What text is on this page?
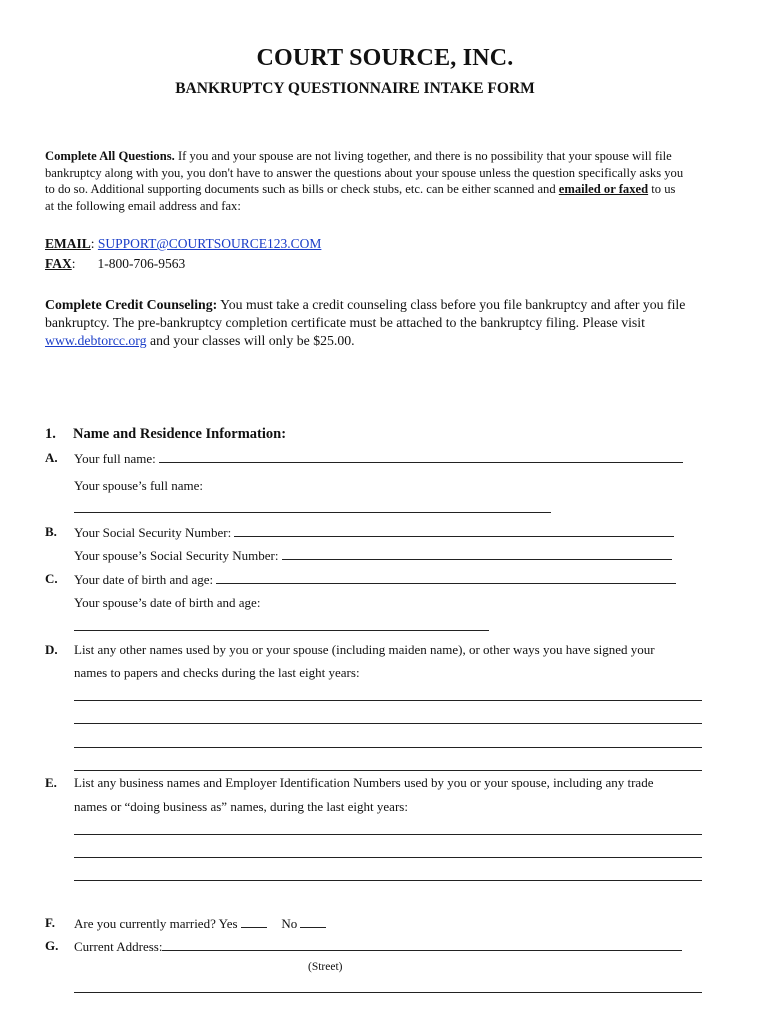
COURT SOURCE, INC.
BANKRUPTCY QUESTIONNAIRE INTAKE FORM
Complete All Questions. If you and your spouse are not living together, and there is no possibility that your spouse will file bankruptcy along with you, you don't have to answer the questions about your spouse unless the question specifically asks you to do so. Additional supporting documents such as bills or check stubs, etc. can be either scanned and emailed or faxed to us at the following email address and fax:
EMAIL: SUPPORT@COURTSOURCE123.COM
FAX: 1-800-706-9563
Complete Credit Counseling: You must take a credit counseling class before you file bankruptcy and after you file bankruptcy. The pre-bankruptcy completion certificate must be attached to the bankruptcy filing. Please visit www.debtorcc.org and your classes will only be $25.00.
1. Name and Residence Information:
A. Your full name:
Your spouse’s full name:
B. Your Social Security Number:
Your spouse’s Social Security Number:
C. Your date of birth and age:
Your spouse’s date of birth and age:
D. List any other names used by you or your spouse (including maiden name), or other ways you have signed your
names to papers and checks during the last eight years:
E. List any business names and Employer Identification Numbers used by you or your spouse, including any trade
names or “doing business as” names, during the last eight years:
F. Are you currently married? Yes	No
G. Current Address:
(Street)
